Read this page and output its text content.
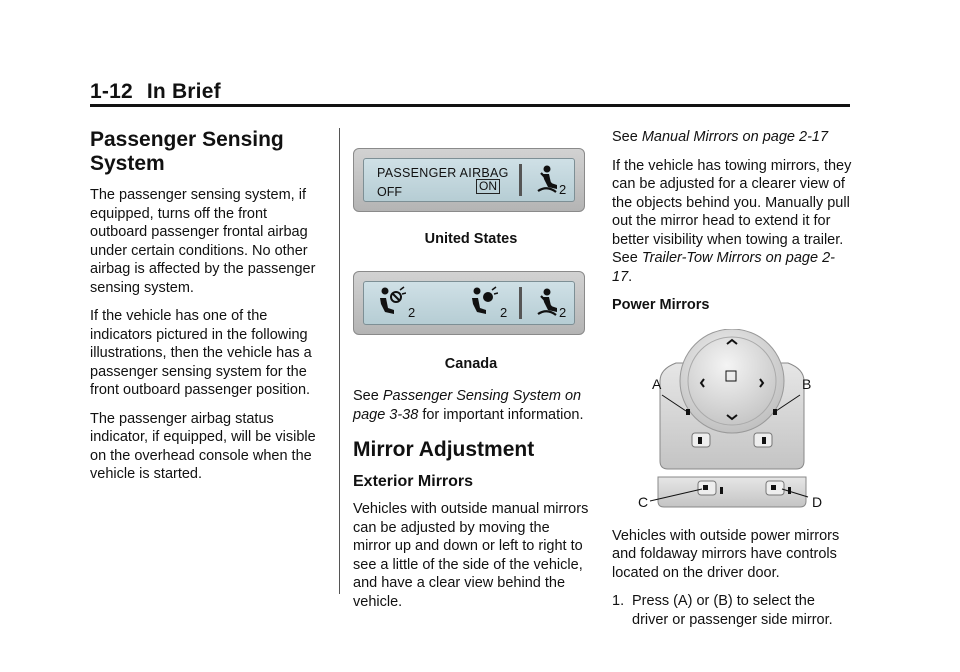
1-12 In Brief
Passenger Sensing System

The passenger sensing system, if equipped, turns off the front outboard passenger frontal airbag under certain conditions. No other airbag is affected by the passenger sensing system.

If the vehicle has one of the indicators pictured in the following illustrations, then the vehicle has a passenger sensing system for the front outboard passenger position.

The passenger airbag status indicator, if equipped, will be visible on the overhead console when the vehicle is started.

PASSENGER AIRBAG
OFF	ON	2

United States

2	2	2

Canada

See Passenger Sensing System on page 3-38 for important information.

Mirror Adjustment
Exterior Mirrors

Vehicles with outside manual mirrors can be adjusted by moving the mirror up and down or left to right to see a little of the side of the vehicle, and have a clear view behind the vehicle.

See Manual Mirrors on page 2-17

If the vehicle has towing mirrors, they can be adjusted for a clearer view of the objects behind you. Manually pull out the mirror head to extend it for better visibility when towing a trailer. See Trailer-Tow Mirrors on page 2-17.

Power Mirrors

A	B
C	D

Vehicles with outside power mirrors and foldaway mirrors have controls located on the driver door.

1. Press (A) or (B) to select the driver or passenger side mirror.
